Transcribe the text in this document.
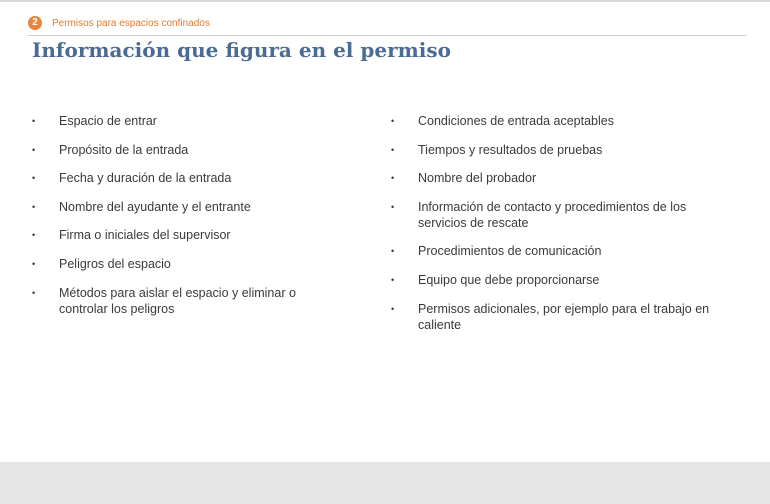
2	Permisos para espacios confinados
Información que figura en el permiso
•	Espacio de entrar
•	Propósito de la entrada
•	Fecha y duración de la entrada
•	Nombre del ayudante y el entrante
•	Firma o iniciales del supervisor
•	Peligros del espacio
•	Métodos para aislar el espacio y eliminar o controlar los peligros
•	Condiciones de entrada aceptables
•	Tiempos y resultados de pruebas
•	Nombre del probador
•	Información de contacto y procedimientos de los servicios de rescate
•	Procedimientos de comunicación
•	Equipo que debe proporcionarse
•	Permisos adicionales, por ejemplo para el trabajo en caliente
